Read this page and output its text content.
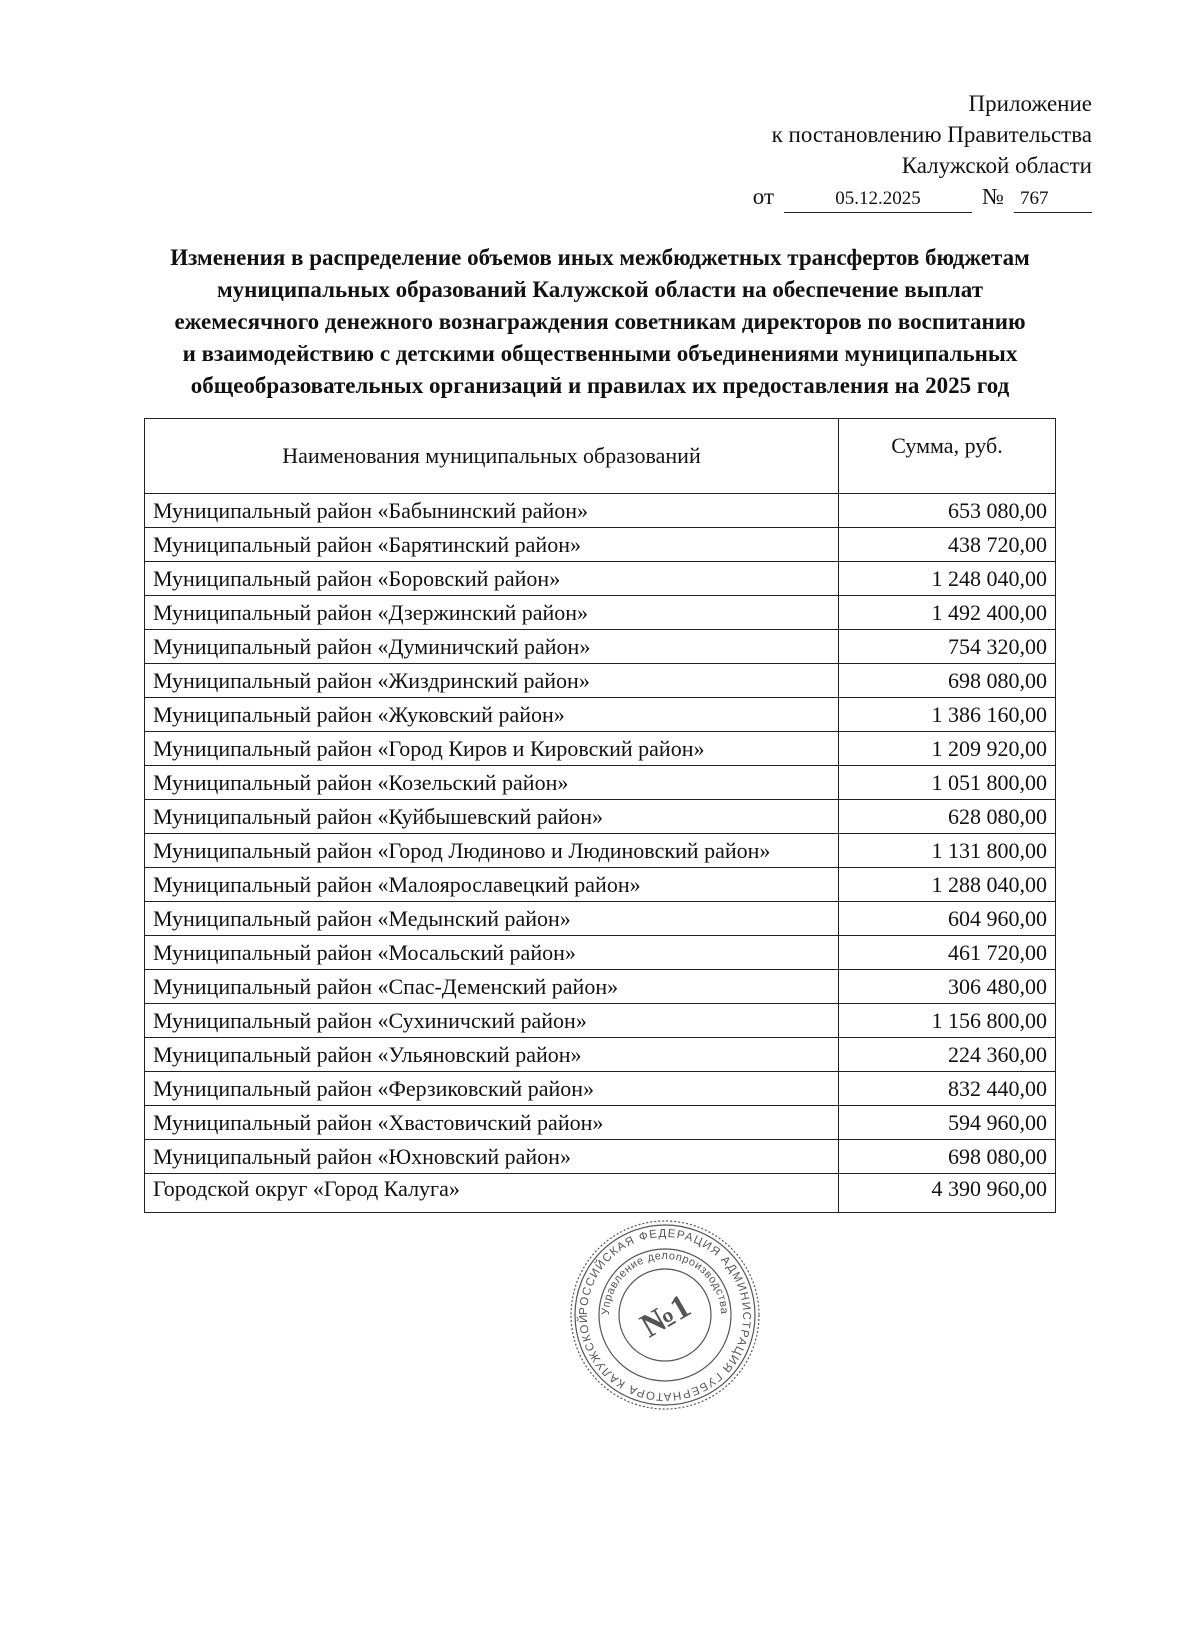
Приложение
к постановлению Правительства
Калужской области
от	05.12.2025	№ 767
Изменения в распределение объемов иных межбюджетных трансфертов бюджетам
муниципальных образований Калужской области на обеспечение выплат
ежемесячного денежного вознаграждения советникам директоров по воспитанию
и взаимодействию с детскими общественными объединениями муниципальных
общеобразовательных организаций и правилах их предоставления на 2025 год
Наименования муниципальных образований	Сумма, руб.
Муниципальный район «Бабынинский район»	653 080,00
Муниципальный район «Барятинский район»	438 720,00
Муниципальный район «Боровский район»	1 248 040,00
Муниципальный район «Дзержинский район»	1 492 400,00
Муниципальный район «Думиничский район»	754 320,00
Муниципальный район «Жиздринский район»	698 080,00
Муниципальный район «Жуковский район»	1 386 160,00
Муниципальный район «Город Киров и Кировский район»	1 209 920,00
Муниципальный район «Козельский район»	1 051 800,00
Муниципальный район «Куйбышевский район»	628 080,00
Муниципальный район «Город Людиново и Людиновский район»	1 131 800,00
Муниципальный район «Малоярославецкий район»	1 288 040,00
Муниципальный район «Медынский район»	604 960,00
Муниципальный район «Мосальский район»	461 720,00
Муниципальный район «Спас-Деменский район»	306 480,00
Муниципальный район «Сухиничский район»	1 156 800,00
Муниципальный район «Ульяновский район»	224 360,00
Муниципальный район «Ферзиковский район»	832 440,00
Муниципальный район «Хвастовичский район»	594 960,00
Муниципальный район «Юхновский район»	698 080,00
Городской округ «Город Калуга»	4 390 960,00
РОССИЙСКАЯ ФЕДЕРАЦИЯ АДМИНИСТРАЦИЯ ГУБЕРНАТОРА КАЛУЖСКОЙ
Управление делопроизводства
№1
